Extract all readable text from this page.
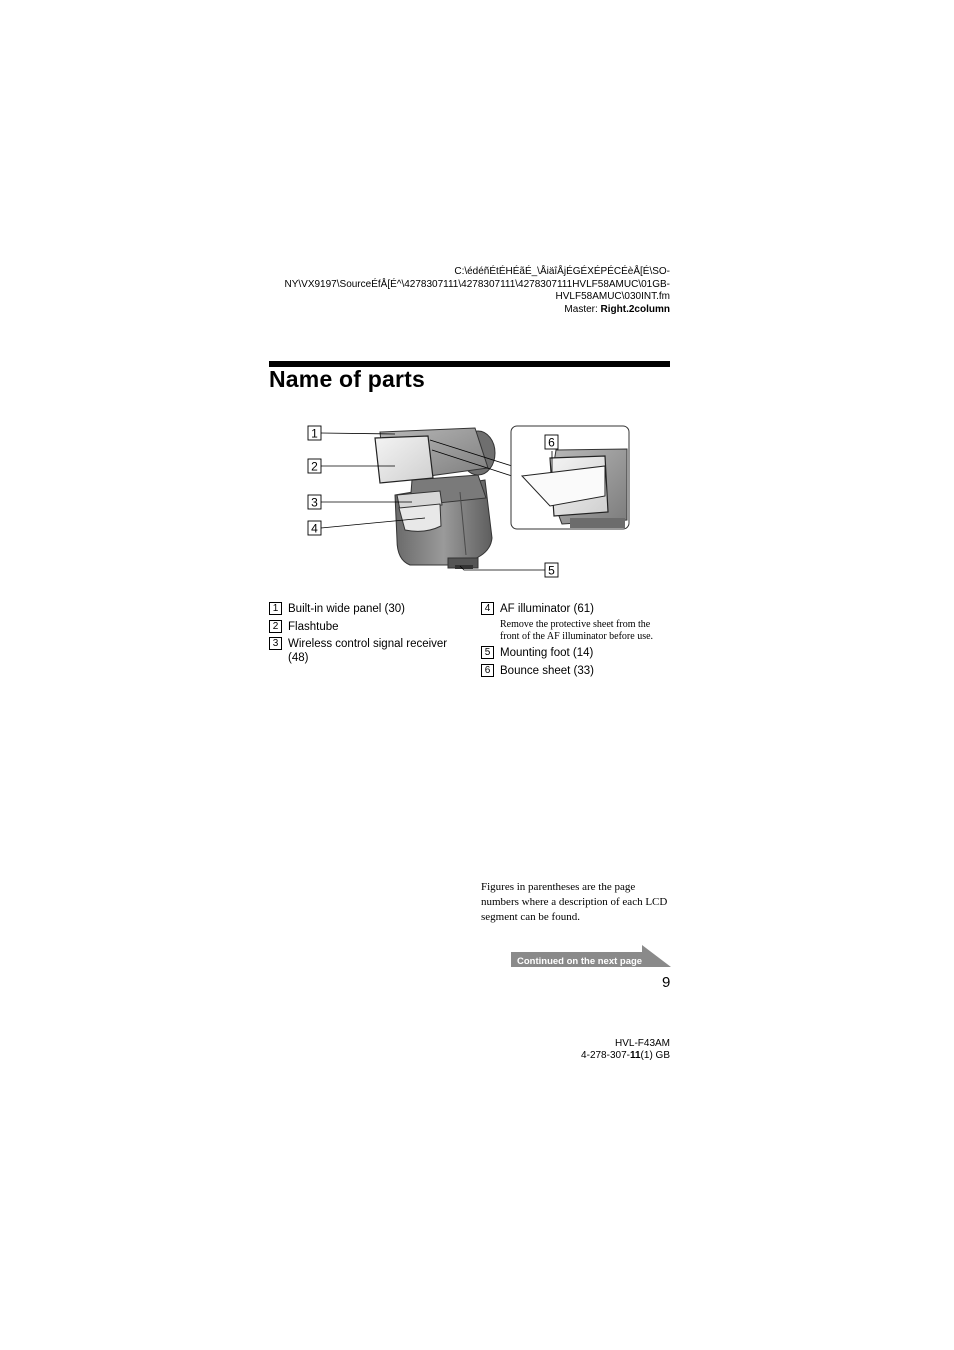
C:\édéñÉtÉHÉãÉ_\ÅiäîÅjÉGÉXÉPÉCÉèÅ[É\SO-
NY\VX9197\SourceÉfÅ[É^\4278307111\4278307111\4278307111HVLF58AMUC\01GB-
HVLF58AMUC\030INT.fm
Master: Right.2column
Name of parts
1
2
3
4
5
6
1 Built-in wide panel (30)
2 Flashtube
3 Wireless control signal receiver
(48)
4 AF illuminator (61)
Remove the protective sheet from the
front of the AF illuminator before use.
5 Mounting foot (14)
6 Bounce sheet (33)
Figures in parentheses are the page numbers where a description of each LCD segment can be found.
Continued on the next page
9
HVL-F43AM
4-278-307-11(1) GB
